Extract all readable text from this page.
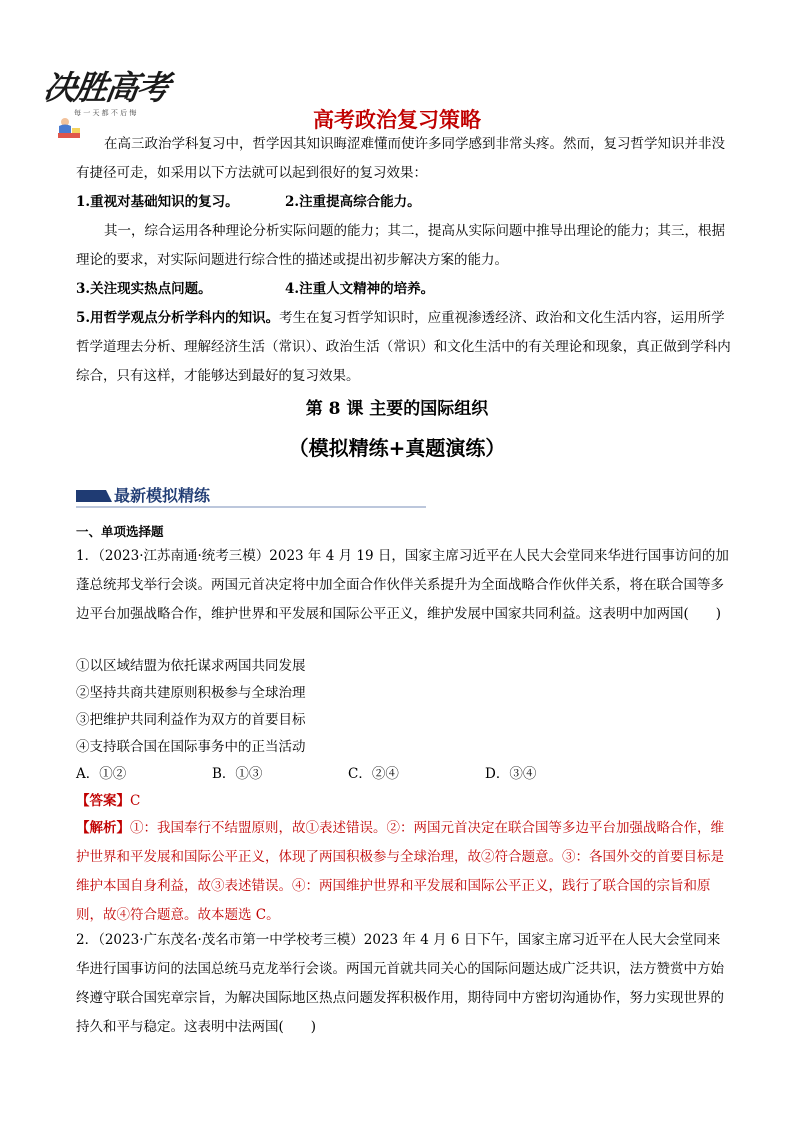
决胜高考
每 一 天 都 不 后 悔	高考政治复习策略
在高三政治学科复习中，哲学因其知识晦涩难懂而使许多同学感到非常头疼。然而，复习哲学知识并非没有捷径可走，如采用以下方法就可以起到很好的复习效果：
1.重视对基础知识的复习。	2.注重提高综合能力。
其一，综合运用各种理论分析实际问题的能力；其二，提高从实际问题中推导出理论的能力；其三，根据理论的要求，对实际问题进行综合性的描述或提出初步解决方案的能力。
3.关注现实热点问题。	4.注重人文精神的培养。
5.用哲学观点分析学科内的知识。考生在复习哲学知识时，应重视渗透经济、政治和文化生活内容，运用所学哲学道理去分析、理解经济生活（常识）、政治生活（常识）和文化生活中的有关理论和现象，真正做到学科内综合，只有这样，才能够达到最好的复习效果。
第 8 课 主要的国际组织
（模拟精练+真题演练）
最新模拟精练
一、单项选择题
1．（2023·江苏南通·统考三模）2023 年 4 月 19 日，国家主席习近平在人民大会堂同来华进行国事访问的加蓬总统邦戈举行会谈。两国元首决定将中加全面合作伙伴关系提升为全面战略合作伙伴关系，将在联合国等多边平台加强战略合作，维护世界和平发展和国际公平正义，维护发展中国家共同利益。这表明中加两国(　　)
①以区域结盟为依托谋求两国共同发展
②坚持共商共建原则积极参与全球治理
③把维护共同利益作为双方的首要目标
④支持联合国在国际事务中的正当活动
A．①②	B．①③	C．②④	D．③④
【答案】C
【解析】①：我国奉行不结盟原则，故①表述错误。②：两国元首决定在联合国等多边平台加强战略合作，维护世界和平发展和国际公平正义，体现了两国积极参与全球治理，故②符合题意。③：各国外交的首要目标是维护本国自身利益，故③表述错误。④：两国维护世界和平发展和国际公平正义，践行了联合国的宗旨和原则，故④符合题意。故本题选 C。
2．（2023·广东茂名·茂名市第一中学校考三模）2023 年 4 月 6 日下午，国家主席习近平在人民大会堂同来华进行国事访问的法国总统马克龙举行会谈。两国元首就共同关心的国际问题达成广泛共识，法方赞赏中方始终遵守联合国宪章宗旨，为解决国际地区热点问题发挥积极作用，期待同中方密切沟通协作，努力实现世界的持久和平与稳定。这表明中法两国(　　)
